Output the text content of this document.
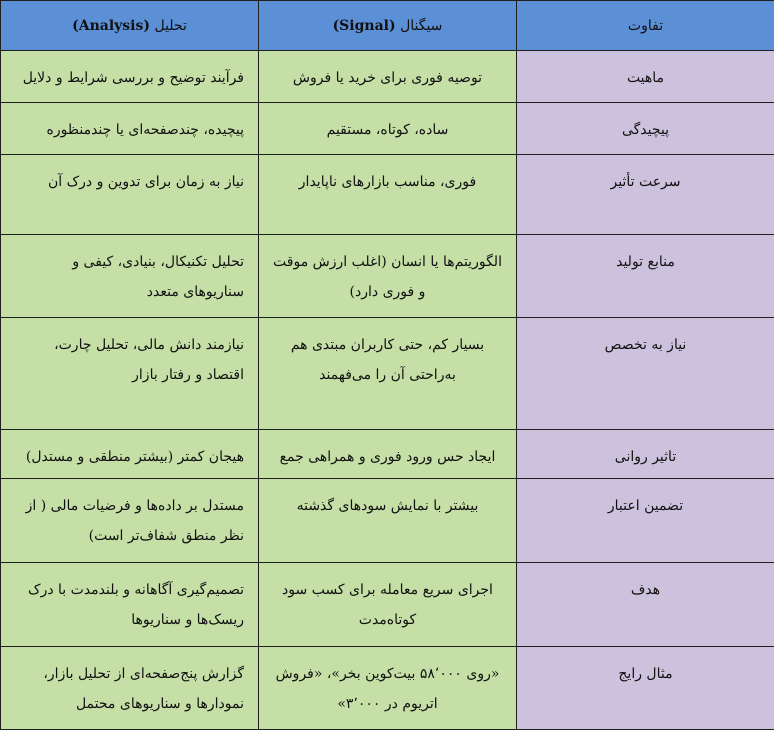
تحلیل (Analysis)	سیگنال (Signal)	تفاوت
فرآیند توضیح و بررسی شرایط و دلایل	توصیه فوری برای خرید یا فروش	ماهیت
پیچیده، چندصفحه‌ای یا چندمنظوره	ساده، کوتاه، مستقیم	پیچیدگی
نیاز به زمان برای تدوین و درک آن	فوری، مناسب بازارهای ناپایدار	سرعت تأثیر
تحلیل تکنیکال، بنیادی، کیفی و سناریوهای متعدد	الگوریتم‌ها یا انسان (اغلب ارزش موقت و فوری دارد)	منابع تولید
نیازمند دانش مالی، تحلیل چارت، اقتصاد و رفتار بازار	بسیار کم، حتی کاربران مبتدی هم به‌راحتی آن را می‌فهمند	نیاز به تخصص
هیجان کمتر (بیشتر منطقی و مستدل)	ایجاد حس ورود فوری و همراهی جمع	تاثیر روانی
مستدل بر داده‌ها و فرضیات مالی ( از نظر منطق شفاف‌تر است)	بیشتر با نمایش سودهای گذشته	تضمین اعتبار
تصمیم‌گیری آگاهانه و بلندمدت با درک ریسک‌ها و سناریوها	اجرای سریع معامله برای کسب سود کوتاه‌مدت	هدف
گزارش پنج‌صفحه‌ای از تحلیل بازار، نمودارها و سناریوهای محتمل	«روی ۵۸٬۰۰۰ بیت‌کوین بخر»، «فروش اتریوم در ۳٬۰۰۰»	مثال رایج
